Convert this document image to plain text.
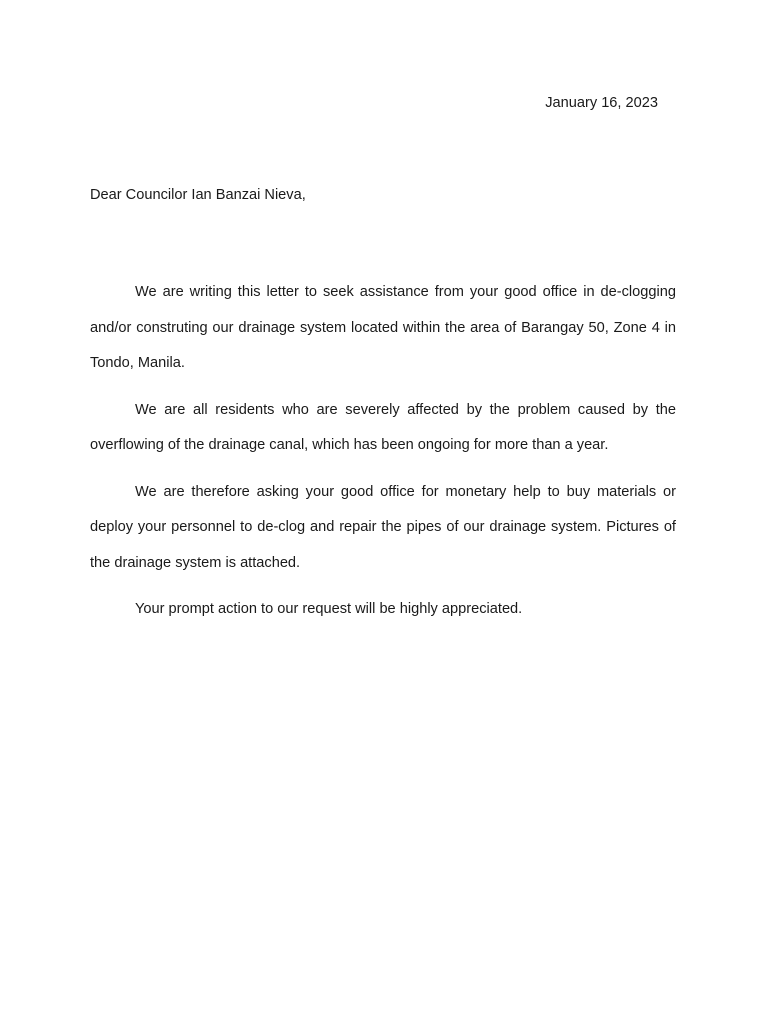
January 16, 2023
Dear Councilor Ian Banzai Nieva,

We are writing this letter to seek assistance from your good office in de-clogging and/or construting our drainage system located within the area of Barangay 50, Zone 4 in Tondo, Manila.

We are all residents who are severely affected by the problem caused by the overflowing of the drainage canal, which has been ongoing for more than a year.

We are therefore asking your good office for monetary help to buy materials or deploy your personnel to de-clog and repair the pipes of our drainage system. Pictures of the drainage system is attached.

Your prompt action to our request will be highly appreciated.
